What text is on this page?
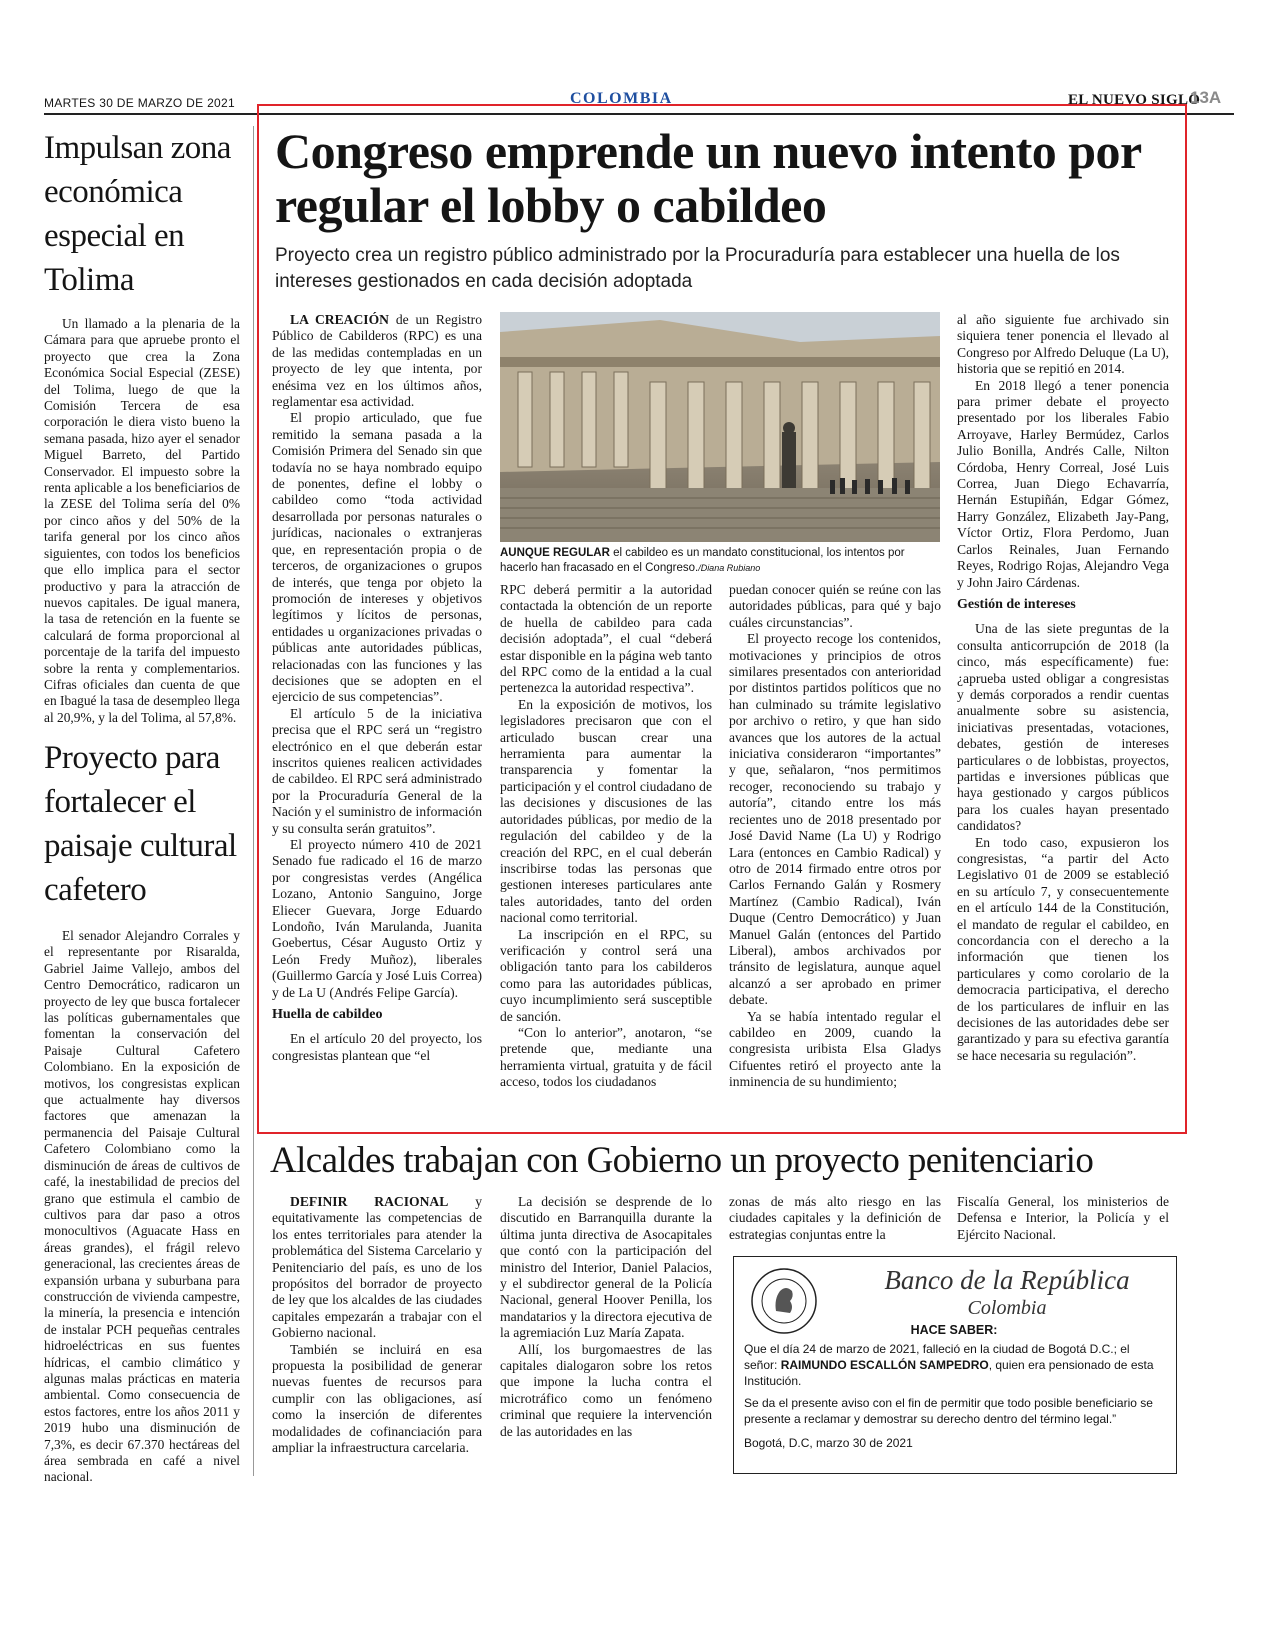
MARTES 30 DE MARZO DE 2021	COLOMBIA	EL NUEVO SIGLO
13A
Impulsan zona económica especial en Tolima

Un llamado a la plenaria de la Cámara para que apruebe pronto el proyecto que crea la Zona Económica Social Especial (ZESE) del Tolima, luego de que la Comisión Tercera de esa corporación le diera visto bueno la semana pasada, hizo ayer el senador Miguel Barreto, del Partido Conservador. El impuesto sobre la renta aplicable a los beneficiarios de la ZESE del Tolima sería del 0% por cinco años y del 50% de la tarifa general por los cinco años siguientes, con todos los beneficios que ello implica para el sector productivo y para la atracción de nuevos capitales. De igual manera, la tasa de retención en la fuente se calculará de forma proporcional al porcentaje de la tarifa del impuesto sobre la renta y complementarios. Cifras oficiales dan cuenta de que en Ibagué la tasa de desempleo llega al 20,9%, y la del Tolima, al 57,8%.

Proyecto para fortalecer el paisaje cultural cafetero

El senador Alejandro Corrales y el representante por Risaralda, Gabriel Jaime Vallejo, ambos del Centro Democrático, radicaron un proyecto de ley que busca fortalecer las políticas gubernamentales que fomentan la conservación del Paisaje Cultural Cafetero Colombiano. En la exposición de motivos, los congresistas explican que actualmente hay diversos factores que amenazan la permanencia del Paisaje Cultural Cafetero Colombiano como la disminución de áreas de cultivos de café, la inestabilidad de precios del grano que estimula el cambio de cultivos para dar paso a otros monocultivos (Aguacate Hass en áreas grandes), el frágil relevo generacional, las crecientes áreas de expansión urbana y suburbana para construcción de vivienda campestre, la minería, la presencia e intención de instalar PCH pequeñas centrales hidroeléctricas en sus fuentes hídricas, el cambio climático y algunas malas prácticas en materia ambiental. Como consecuencia de estos factores, entre los años 2011 y 2019 hubo una disminución de 7,3%, es decir 67.370 hectáreas del área sembrada en café a nivel nacional.

Congreso emprende un nuevo intento por regular el lobby o cabildeo

Proyecto crea un registro público administrado por la Procuraduría para establecer una huella de los intereses gestionados en cada decisión adoptada

LA CREACIÓN de un Registro Público de Cabilderos (RPC) es una de las medidas contempladas en un proyecto de ley que intenta, por enésima vez en los últimos años, reglamentar esa actividad.

El propio articulado, que fue remitido la semana pasada a la Comisión Primera del Senado sin que todavía no se haya nombrado equipo de ponentes, define el lobby o cabildeo como “toda actividad desarrollada por personas naturales o jurídicas, nacionales o extranjeras que, en representación propia o de terceros, de organizaciones o grupos de interés, que tenga por objeto la promoción de intereses y objetivos legítimos y lícitos de personas, entidades u organizaciones privadas o públicas ante autoridades públicas, relacionadas con las funciones y las decisiones que se adopten en el ejercicio de sus competencias”.

El artículo 5 de la iniciativa precisa que el RPC será un “registro electrónico en el que deberán estar inscritos quienes realicen actividades de cabildeo. El RPC será administrado por la Procuraduría General de la Nación y el suministro de información y su consulta serán gratuitos”.

El proyecto número 410 de 2021 Senado fue radicado el 16 de marzo por congresistas verdes (Angélica Lozano, Antonio Sanguino, Jorge Eliecer Guevara, Jorge Eduardo Londoño, Iván Marulanda, Juanita Goebertus, César Augusto Ortiz y León Fredy Muñoz), liberales (Guillermo García y José Luis Correa) y de La U (Andrés Felipe García).

Huella de cabildeo

En el artículo 20 del proyecto, los congresistas plantean que “el

AUNQUE REGULAR el cabildeo es un mandato constitucional, los intentos por hacerlo han fracasado en el Congreso./Diana Rubiano

RPC deberá permitir a la autoridad contactada la obtención de un reporte de huella de cabildeo para cada decisión adoptada”, el cual “deberá estar disponible en la página web tanto del RPC como de la entidad a la cual pertenezca la autoridad respectiva”.

En la exposición de motivos, los legisladores precisaron que con el articulado buscan crear una herramienta para aumentar la transparencia y fomentar la participación y el control ciudadano de las decisiones y discusiones de las autoridades públicas, por medio de la regulación del cabildeo y de la creación del RPC, en el cual deberán inscribirse todas las personas que gestionen intereses particulares ante tales autoridades, tanto del orden nacional como territorial.

La inscripción en el RPC, su verificación y control será una obligación tanto para los cabilderos como para las autoridades públicas, cuyo incumplimiento será susceptible de sanción.

“Con lo anterior”, anotaron, “se pretende que, mediante una herramienta virtual, gratuita y de fácil acceso, todos los ciudadanos

puedan conocer quién se reúne con las autoridades públicas, para qué y bajo cuáles circunstancias”.

El proyecto recoge los contenidos, motivaciones y principios de otros similares presentados con anterioridad por distintos partidos políticos que no han culminado su trámite legislativo por archivo o retiro, y que han sido avances que los autores de la actual iniciativa consideraron “importantes” y que, señalaron, “nos permitimos recoger, reconociendo su trabajo y autoría”, citando entre los más recientes uno de 2018 presentado por José David Name (La U) y Rodrigo Lara (entonces en Cambio Radical) y otro de 2014 firmado entre otros por Carlos Fernando Galán y Rosmery Martínez (Cambio Radical), Iván Duque (Centro Democrático) y Juan Manuel Galán (entonces del Partido Liberal), ambos archivados por tránsito de legislatura, aunque aquel alcanzó a ser aprobado en primer debate.

Ya se había intentado regular el cabildeo en 2009, cuando la congresista uribista Elsa Gladys Cifuentes retiró el proyecto ante la inminencia de su hundimiento;

al año siguiente fue archivado sin siquiera tener ponencia el llevado al Congreso por Alfredo Deluque (La U), historia que se repitió en 2014.

En 2018 llegó a tener ponencia para primer debate el proyecto presentado por los liberales Fabio Arroyave, Harley Bermúdez, Carlos Julio Bonilla, Andrés Calle, Nilton Córdoba, Henry Correal, José Luis Correa, Juan Diego Echavarría, Hernán Estupiñán, Edgar Gómez, Harry González, Elizabeth Jay-Pang, Víctor Ortiz, Flora Perdomo, Juan Carlos Reinales, Juan Fernando Reyes, Rodrigo Rojas, Alejandro Vega y John Jairo Cárdenas.

Gestión de intereses

Una de las siete preguntas de la consulta anticorrupción de 2018 (la cinco, más específicamente) fue: ¿aprueba usted obligar a congresistas y demás corporados a rendir cuentas anualmente sobre su asistencia, iniciativas presentadas, votaciones, debates, gestión de intereses particulares o de lobbistas, proyectos, partidas e inversiones públicas que haya gestionado y cargos públicos para los cuales hayan presentado candidatos?

En todo caso, expusieron los congresistas, “a partir del Acto Legislativo 01 de 2009 se estableció en su artículo 7, y consecuentemente en el artículo 144 de la Constitución, el mandato de regular el cabildeo, en concordancia con el derecho a la información que tienen los particulares y como corolario de la democracia participativa, el derecho de los particulares de influir en las decisiones de las autoridades debe ser garantizado y para su efectiva garantía se hace necesaria su regulación”.

Alcaldes trabajan con Gobierno un proyecto penitenciario

DEFINIR RACIONAL y equitativamente las competencias de los entes territoriales para atender la problemática del Sistema Carcelario y Penitenciario del país, es uno de los propósitos del borrador de proyecto de ley que los alcaldes de las ciudades capitales empezarán a trabajar con el Gobierno nacional.

También se incluirá en esa propuesta la posibilidad de generar nuevas fuentes de recursos para cumplir con las obligaciones, así como la inserción de diferentes modalidades de cofinanciación para ampliar la infraestructura carcelaria.

La decisión se desprende de lo discutido en Barranquilla durante la última junta directiva de Asocapitales que contó con la participación del ministro del Interior, Daniel Palacios, y el subdirector general de la Policía Nacional, general Hoover Penilla, los mandatarios y la directora ejecutiva de la agremiación Luz María Zapata.

Allí, los burgomaestres de las capitales dialogaron sobre los retos que impone la lucha contra el microtráfico como un fenómeno criminal que requiere la intervención de las autoridades en las

zonas de más alto riesgo en las ciudades capitales y la definición de estrategias conjuntas entre la

Fiscalía General, los ministerios de Defensa e Interior, la Policía y el Ejército Nacional.

Banco de la República
Colombia
HACE SABER:
Que el día 24 de marzo de 2021, falleció en la ciudad de Bogotá D.C.; el señor: RAIMUNDO ESCALLÓN SAMPEDRO, quien era pensionado de esta Institución.
Se da el presente aviso con el fin de permitir que todo posible beneficiario se presente a reclamar y demostrar su derecho dentro del término legal.”
Bogotá, D.C, marzo 30 de 2021
